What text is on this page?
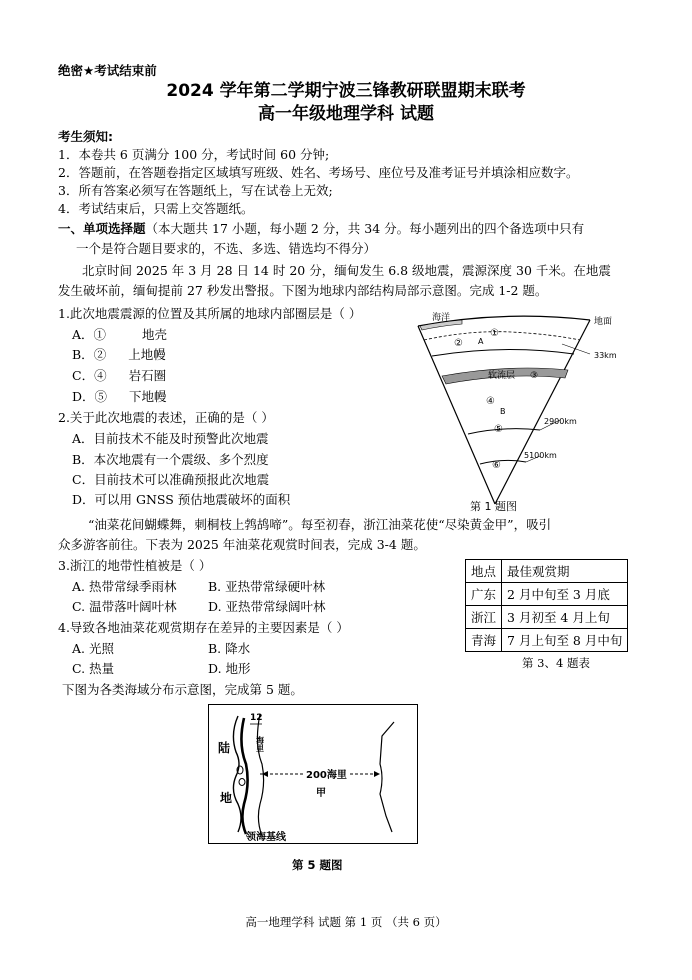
绝密★考试结束前
2024 学年第二学期宁波三锋教研联盟期末联考
高一年级地理学科 试题
考生须知:
1．本卷共 6 页满分 100 分，考试时间 60 分钟;
2．答题前，在答题卷指定区域填写班级、姓名、考场号、座位号及准考证号并填涂相应数字。
3．所有答案必须写在答题纸上，写在试卷上无效;
4．考试结束后，只需上交答题纸。
一、单项选择题（本大题共 17 小题，每小题 2 分，共 34 分。每小题列出的四个备选项中只有
一个是符合题目要求的，不选、多选、错选均不得分）
北京时间 2025 年 3 月 28 日 14 时 20 分，缅甸发生 6.8 级地震，震源深度 30 千米。在地震
发生破坏前，缅甸提前 27 秒发出警报。下图为地球内部结构局部示意图。完成 1-2 题。
1.此次地震震源的位置及其所属的地球内部圈层是（ ）
A．①	地壳
B．② 上地幔
C．④ 岩石圈
D．⑤ 下地幔
2.关于此次地震的表述，正确的是（ ）
A．目前技术不能及时预警此次地震
B．本次地震有一个震级、多个烈度
C．目前技术可以准确预报此次地震
D．可以用 GNSS 预估地震破坏的面积
海洋	地面
①
② A
软流层 ③
33km
④
B
2900km
⑤
5100km
⑥
第 1 题图
“油菜花间蝴蝶舞，刺桐枝上鹁鸪啼”。每至初春，浙江油菜花使“尽染黄金甲”，吸引
众多游客前往。下表为 2025 年油菜花观赏时间表，完成 3-4 题。
3.浙江的地带性植被是（ ）
A. 热带常绿季雨林	B. 亚热带常绿硬叶林
C. 温带落叶阔叶林	D. 亚热带常绿阔叶林
4.导致各地油菜花观赏期存在差异的主要因素是（ ）
A. 光照	B. 降水
C. 热量	D. 地形
地点	最佳观赏期
广东	2 月中旬至 3 月底
浙江	3 月初至 4 月上旬
青海	7 月上旬至 8 月中旬
第 3、4 题表
下图为各类海域分布示意图，完成第 5 题。
12
海里
陆
地
200海里
甲
领海基线
第 5 题图
高一地理学科 试题 第 1 页 （共 6 页）
